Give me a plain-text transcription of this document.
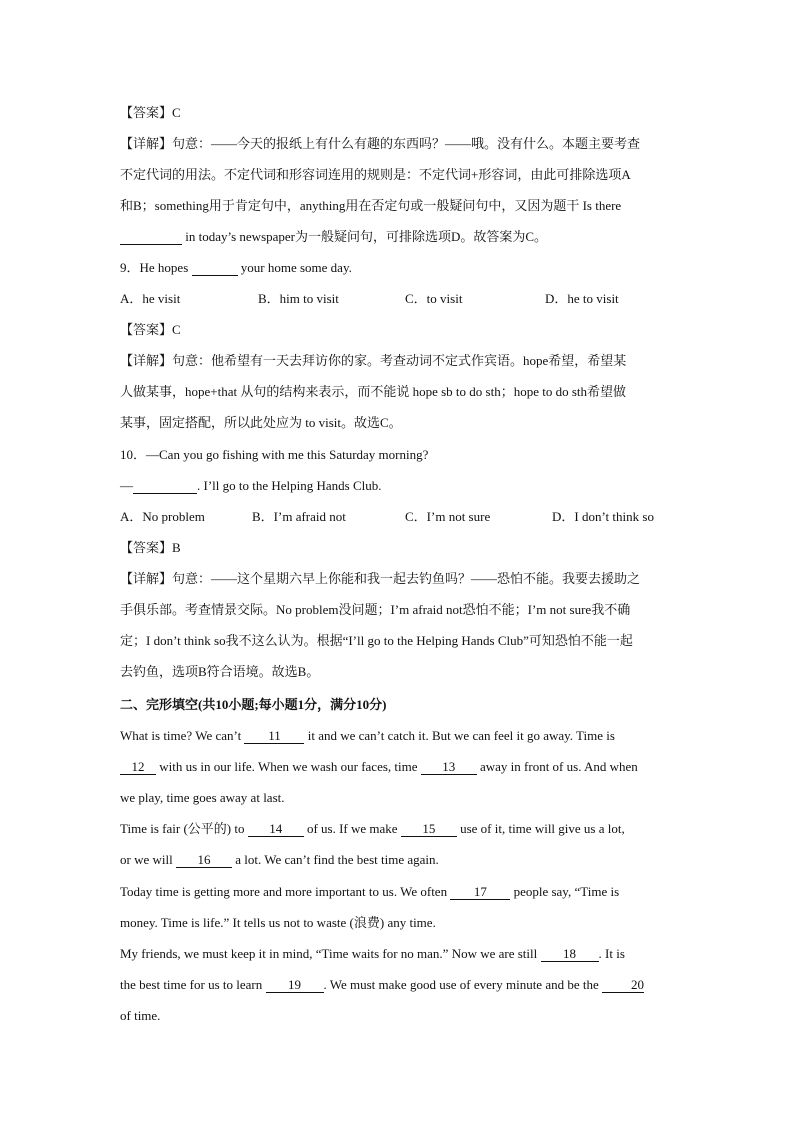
【答案】C
【详解】句意：——今天的报纸上有什么有趣的东西吗？——哦。没有什么。本题主要考查
不定代词的用法。不定代词和形容词连用的规则是：不定代词+形容词，由此可排除选项A
和B；something用于肯定句中，anything用在否定句或一般疑问句中，又因为题干 Is there
in today’s newspaper为一般疑问句，可排除选项D。故答案为C。
9．He hopes	your home some day.
A．he visit	B．him to visit	C．to visit	D．he to visit
【答案】C
【详解】句意：他希望有一天去拜访你的家。考查动词不定式作宾语。hope希望，希望某
人做某事，hope+that 从句的结构来表示，而不能说 hope sb to do sth；hope to do sth希望做
某事，固定搭配，所以此处应为 to visit。故选C。
10．—Can you go fishing with me this Saturday morning?
—	. I’ll go to the Helping Hands Club.
A．No problem	B．I’m afraid not	C．I’m not sure	D．I don’t think so
【答案】B
【详解】句意：——这个星期六早上你能和我一起去钓鱼吗？——恐怕不能。我要去援助之
手俱乐部。考查情景交际。No problem没问题；I’m afraid not恐怕不能；I’m not sure我不确
定；I don’t think so我不这么认为。根据“I’ll go to the Helping Hands Club”可知恐怕不能一起
去钓鱼，选项B符合语境。故选B。
二、完形填空(共10小题;每小题1分，满分10分)
What is time? We can’t 11 it and we can’t catch it. But we can feel it go away. Time is
12 with us in our life. When we wash our faces, time 13 away in front of us. And when
we play, time goes away at last.
Time is fair (公平的) to 14 of us. If we make 15 use of it, time will give us a lot,
or we will 16 a lot. We can’t find the best time again.
Today time is getting more and more important to us. We often 17 people say, “Time is
money. Time is life.” It tells us not to waste (浪费) any time.
My friends, we must keep it in mind, “Time waits for no man.” Now we are still 18 . It is
the best time for us to learn 19 . We must make good use of every minute and be the 20
of time.
